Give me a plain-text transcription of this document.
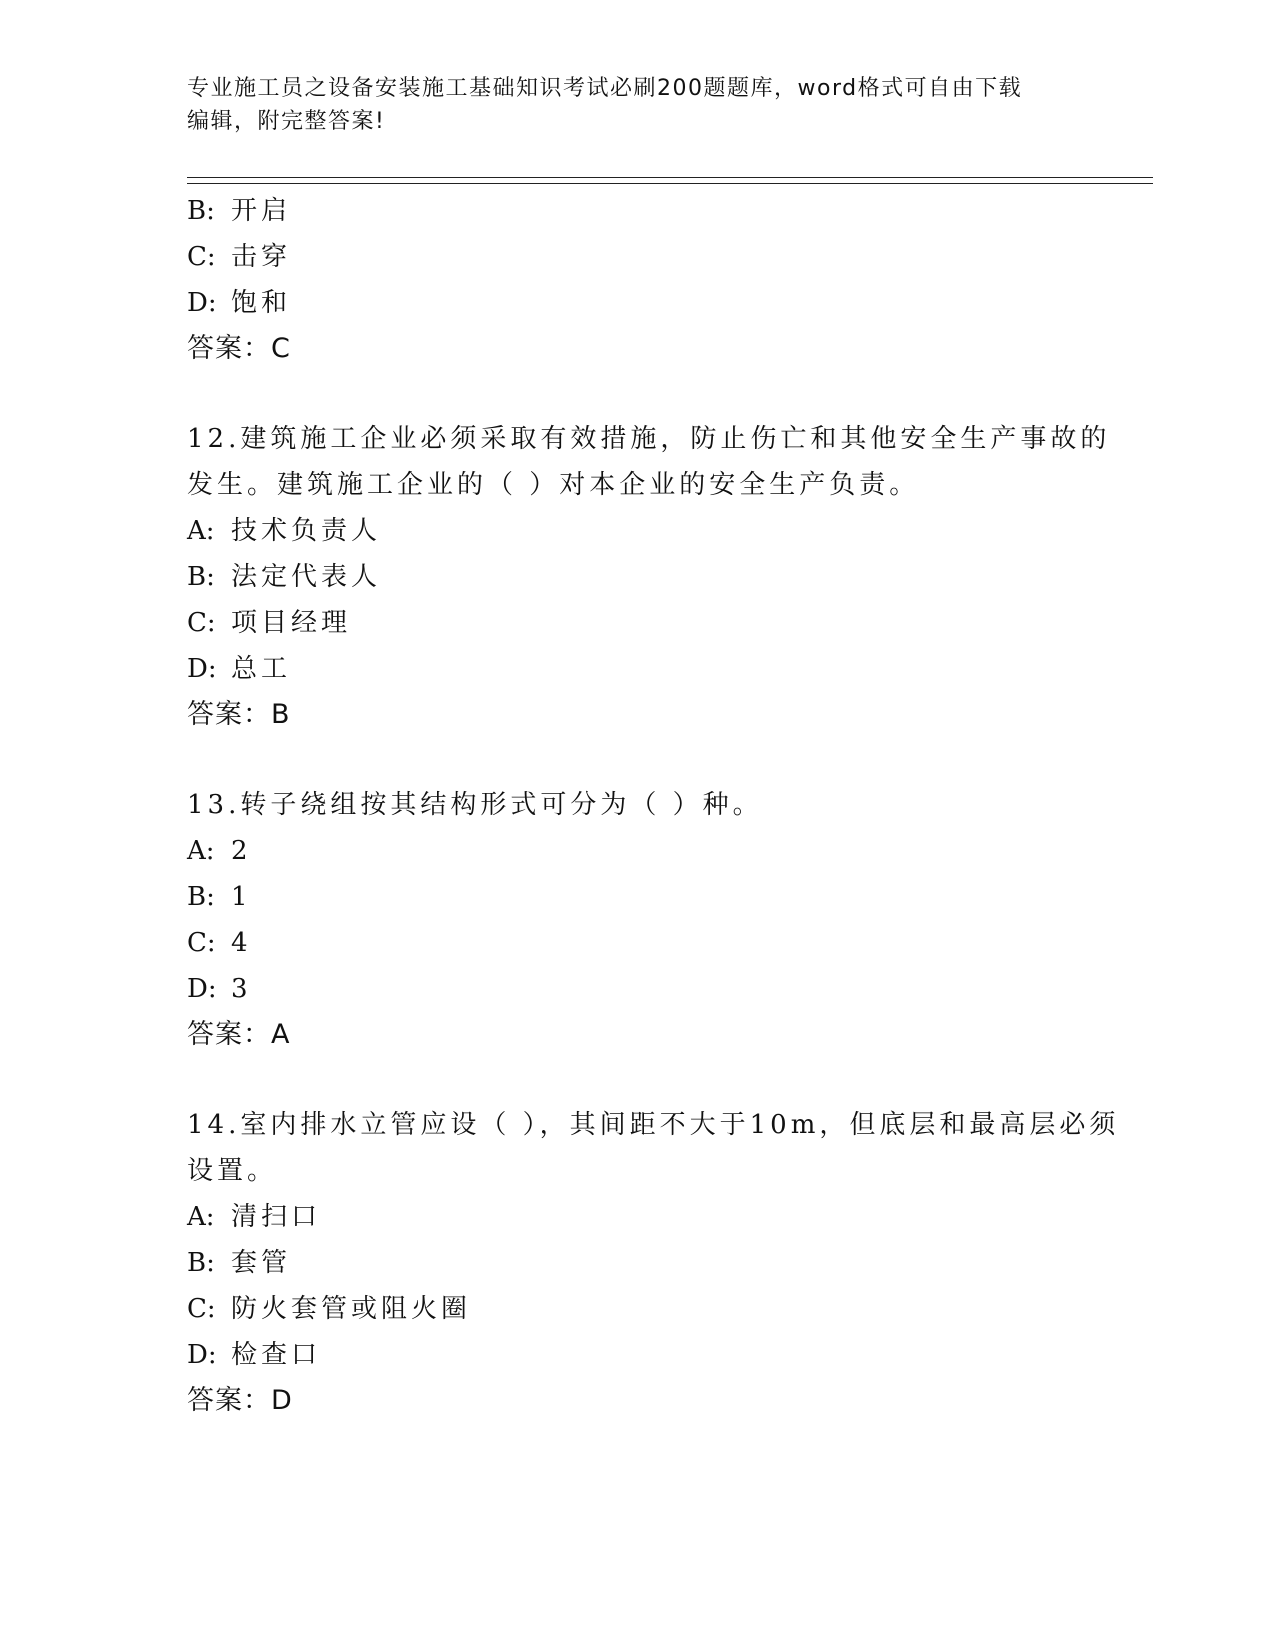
专业施工员之设备安装施工基础知识考试必刷200题题库，word格式可自由下载
编辑，附完整答案!
B: 开启
C: 击穿
D: 饱和
答案：C
12.建筑施工企业必须采取有效措施，防止伤亡和其他安全生产事故的
发生。建筑施工企业的（ ）对本企业的安全生产负责。
A: 技术负责人
B: 法定代表人
C: 项目经理
D: 总工
答案：B
13.转子绕组按其结构形式可分为（ ）种。
A: 2
B: 1
C: 4
D: 3
答案：A
14.室内排水立管应设（ ），其间距不大于10m，但底层和最高层必须
设置。
A: 清扫口
B: 套管
C: 防火套管或阻火圈
D: 检查口
答案：D
